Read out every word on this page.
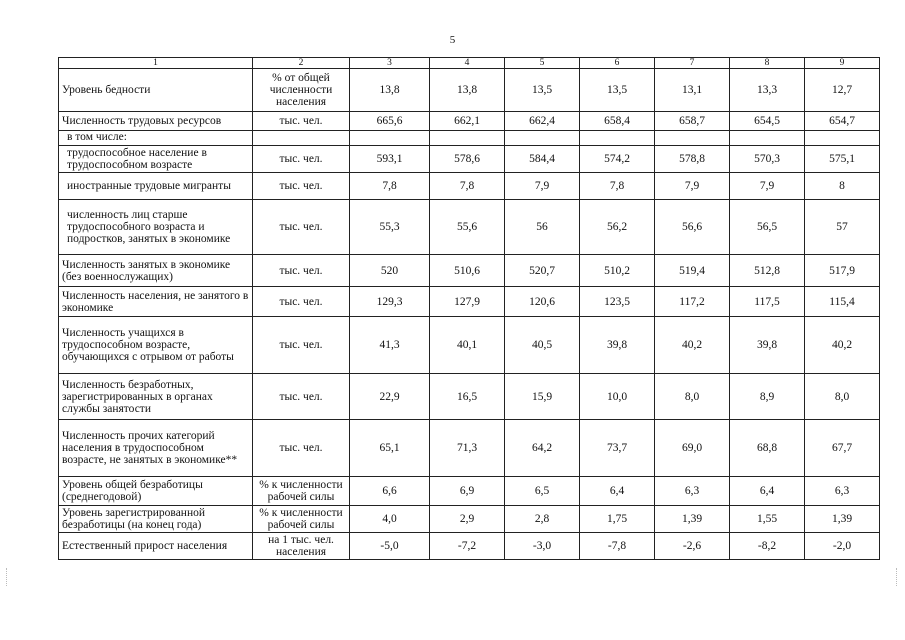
5
1	2	3	4	5	6	7	8	9
Уровень бедности	% от общей численности населения	13,8	13,8	13,5	13,5	13,1	13,3	12,7
Численность трудовых ресурсов	тыс. чел.	665,6	662,1	662,4	658,4	658,7	654,5	654,7
в том числе:								
трудоспособное население в трудоспособном возрасте	тыс. чел.	593,1	578,6	584,4	574,2	578,8	570,3	575,1
иностранные трудовые мигранты	тыс. чел.	7,8	7,8	7,9	7,8	7,9	7,9	8
численность лиц старше трудоспособного возраста и подростков, занятых в экономике	тыс. чел.	55,3	55,6	56	56,2	56,6	56,5	57
Численность занятых в экономике (без военнослужащих)	тыс. чел.	520	510,6	520,7	510,2	519,4	512,8	517,9
Численность населения, не занятого в экономике	тыс. чел.	129,3	127,9	120,6	123,5	117,2	117,5	115,4
Численность учащихся в трудоспособном возрасте, обучающихся с отрывом от работы	тыс. чел.	41,3	40,1	40,5	39,8	40,2	39,8	40,2
Численность безработных, зарегистрированных в органах службы занятости	тыс. чел.	22,9	16,5	15,9	10,0	8,0	8,9	8,0
Численность прочих категорий населения в трудоспособном возрасте, не занятых в экономике**	тыс. чел.	65,1	71,3	64,2	73,7	69,0	68,8	67,7
Уровень общей безработицы (среднегодовой)	% к численности рабочей силы	6,6	6,9	6,5	6,4	6,3	6,4	6,3
Уровень зарегистрированной безработицы (на конец года)	% к численности рабочей силы	4,0	2,9	2,8	1,75	1,39	1,55	1,39
Естественный прирост населения	на 1 тыс. чел. населения	-5,0	-7,2	-3,0	-7,8	-2,6	-8,2	-2,0
